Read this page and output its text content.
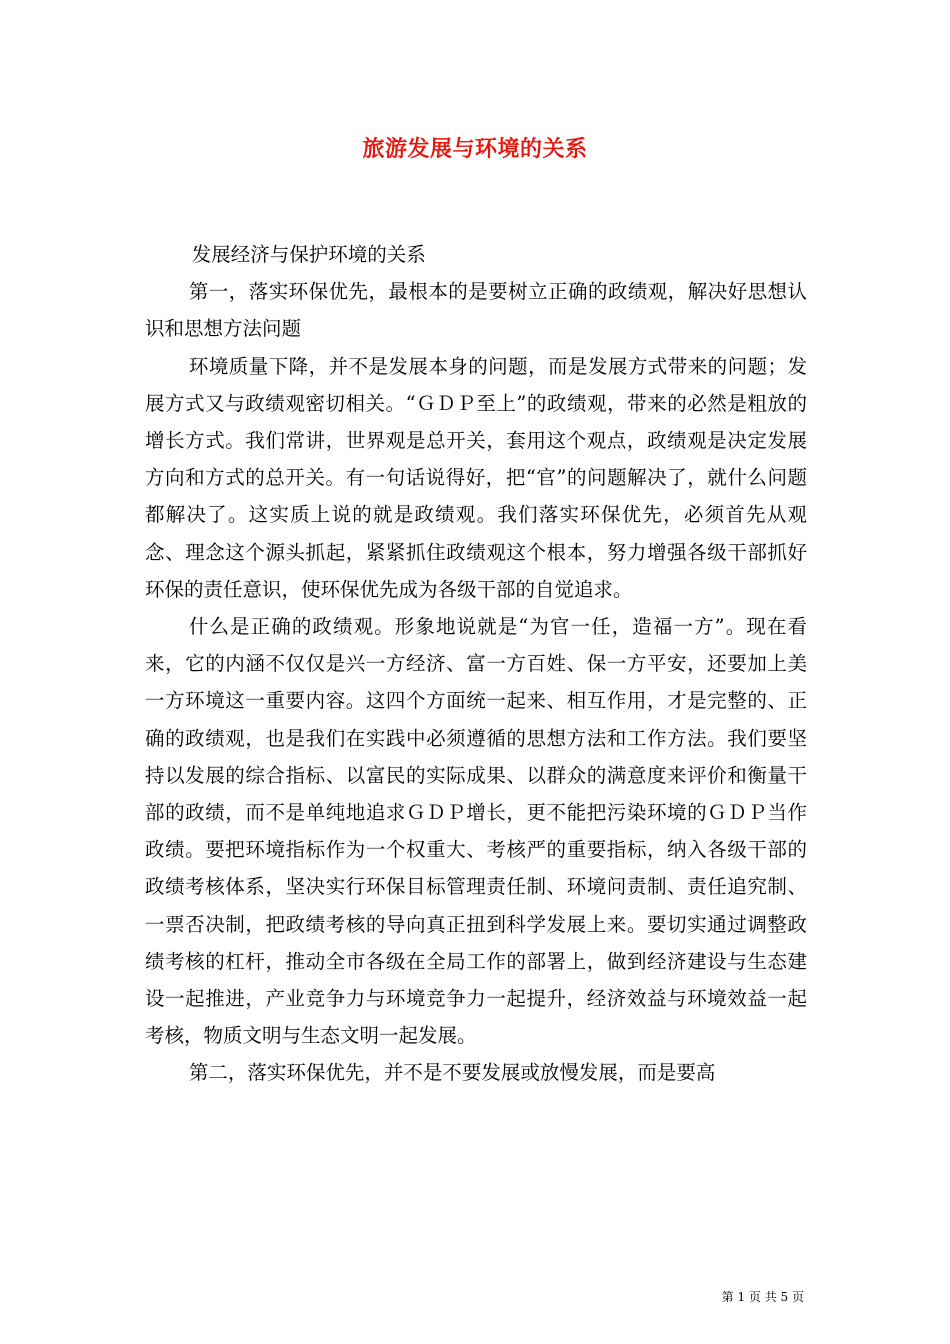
旅游发展与环境的关系

发展经济与保护环境的关系

第一，落实环保优先，最根本的是要树立正确的政绩观，解决好思想认识和思想方法问题

环境质量下降，并不是发展本身的问题，而是发展方式带来的问题；发展方式又与政绩观密切相关。“ＧＤＰ至上”的政绩观，带来的必然是粗放的增长方式。我们常讲，世界观是总开关，套用这个观点，政绩观是决定发展方向和方式的总开关。有一句话说得好，把“官”的问题解决了，就什么问题都解决了。这实质上说的就是政绩观。我们落实环保优先，必须首先从观念、理念这个源头抓起，紧紧抓住政绩观这个根本，努力增强各级干部抓好环保的责任意识，使环保优先成为各级干部的自觉追求。

什么是正确的政绩观。形象地说就是“为官一任，造福一方”。现在看来，它的内涵不仅仅是兴一方经济、富一方百姓、保一方平安，还要加上美一方环境这一重要内容。这四个方面统一起来、相互作用，才是完整的、正确的政绩观，也是我们在实践中必须遵循的思想方法和工作方法。我们要坚持以发展的综合指标、以富民的实际成果、以群众的满意度来评价和衡量干部的政绩，而不是单纯地追求ＧＤＰ增长，更不能把污染环境的ＧＤＰ当作政绩。要把环境指标作为一个权重大、考核严的重要指标，纳入各级干部的政绩考核体系，坚决实行环保目标管理责任制、环境问责制、责任追究制、一票否决制，把政绩考核的导向真正扭到科学发展上来。要切实通过调整政绩考核的杠杆，推动全市各级在全局工作的部署上，做到经济建设与生态建设一起推进，产业竞争力与环境竞争力一起提升，经济效益与环境效益一起考核，物质文明与生态文明一起发展。

第二，落实环保优先，并不是不要发展或放慢发展，而是要高

第 1 页 共 5 页
